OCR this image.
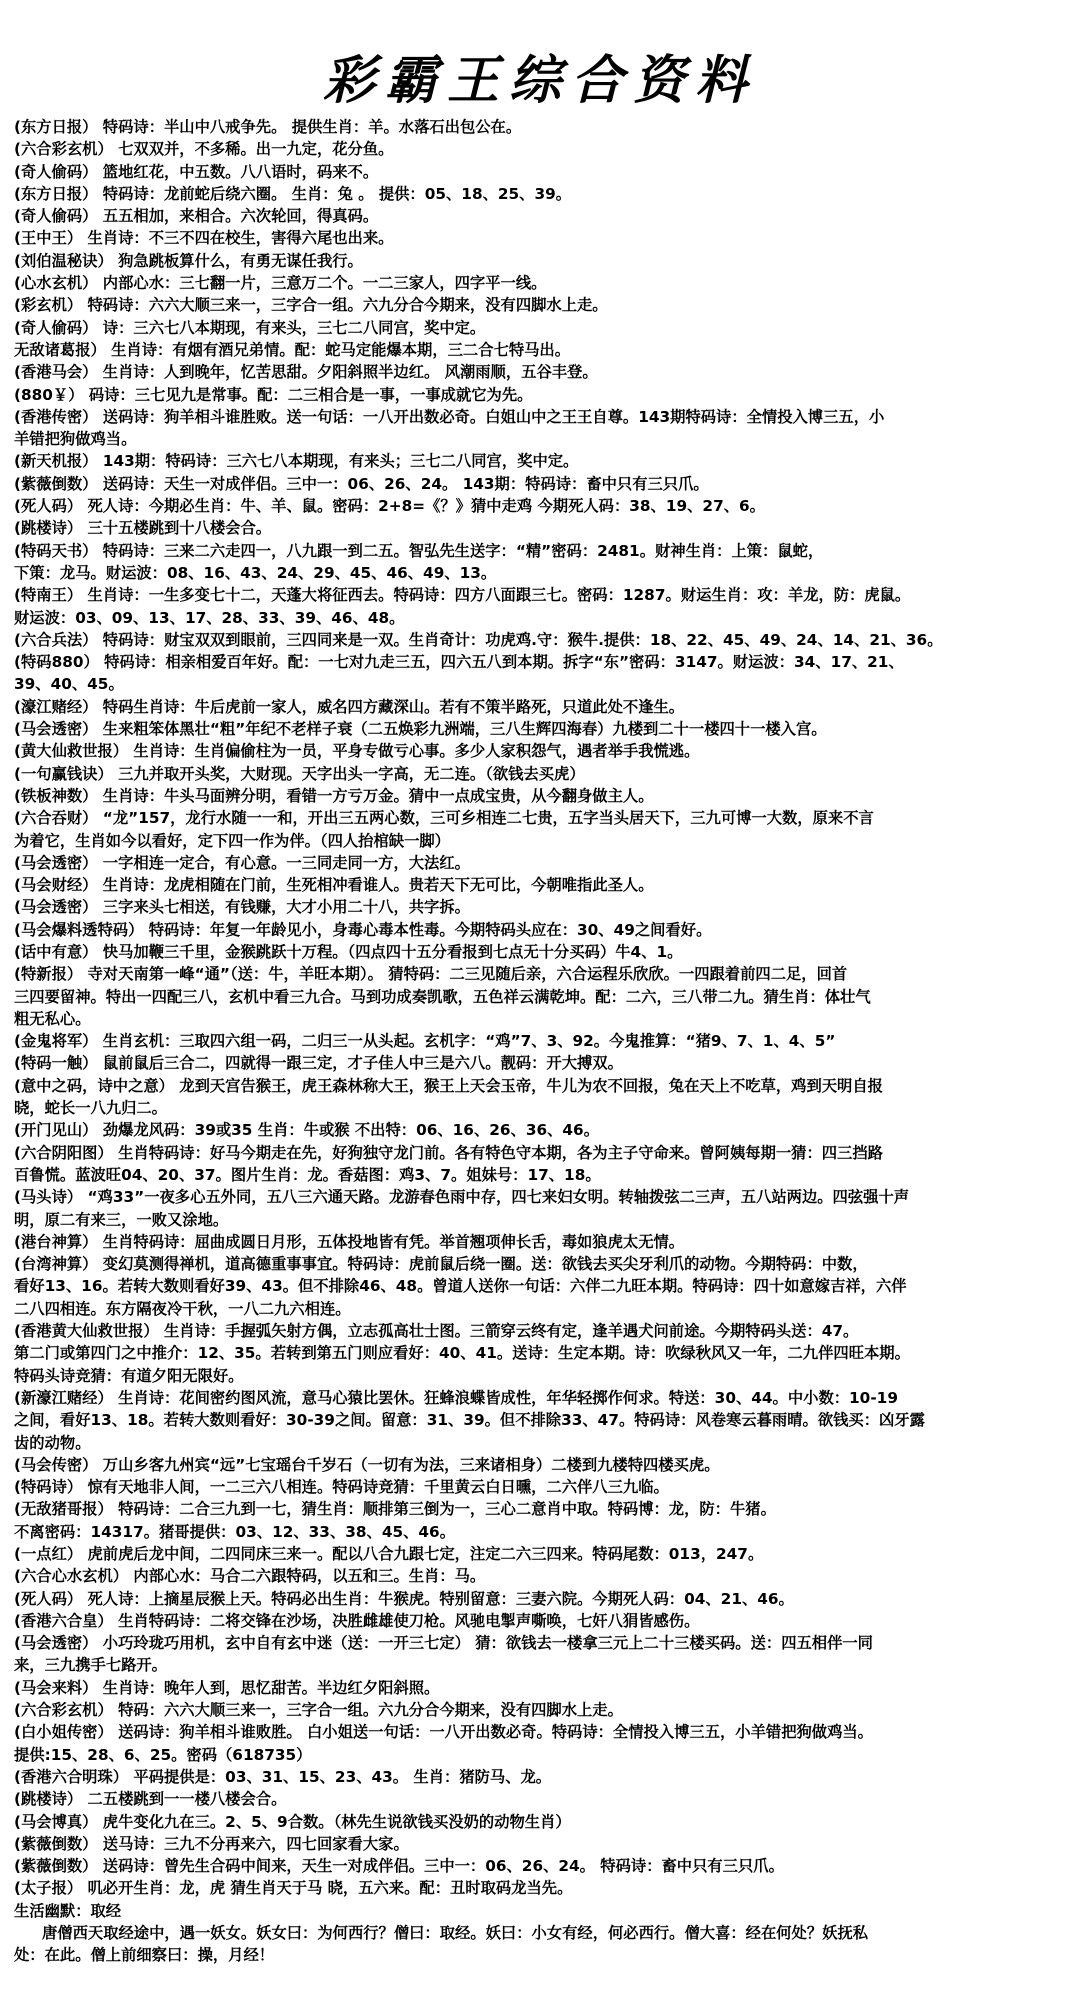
彩霸王综合资料
(东方日报） 特码诗：半山中八戒争先。 提供生肖：羊。水落石出包公在。
(六合彩玄机） 七双双并，不多稀。出一九定，花分鱼。
(奇人偷码） 篮地红花，中五数。八八语时，码来不。
(东方日报） 特码诗：龙前蛇后绕六圈。 生肖：兔 。 提供：05、18、25、39。
(奇人偷码） 五五相加，来相合。六次轮回，得真码。
(王中王） 生肖诗：不三不四在校生，害得六尾也出来。
(刘伯温秘诀） 狗急跳板算什么，有勇无谋任我行。
(心水玄机） 内部心水：三七翻一片，三意万二个。一二三家人，四字平一线。
(彩玄机） 特码诗：六六大顺三来一，三字合一组。六九分合今期来，没有四脚水上走。
(奇人偷码） 诗：三六七八本期现，有来头，三七二八同宫，奖中定。
无敌诸葛报） 生肖诗：有烟有酒兄弟情。配：蛇马定能爆本期，三二合七特马出。
(香港马会） 生肖诗：人到晚年，忆苦思甜。夕阳斜照半边红。 风潮雨顺，五谷丰登。
(880￥） 码诗：三七见九是常事。配：二三相合是一事，一事成就它为先。
(香港传密） 送码诗：狗羊相斗谁胜败。送一句话：一八开出数必奇。白姐山中之王王自尊。143期特码诗：全情投入博三五，小
羊错把狗做鸡当。
(新天机报） 143期：特码诗：三六七八本期现，有来头；三七二八同宫，奖中定。
(紫薇倒数） 送码诗：天生一对成伴侣。三中一：06、26、24。 143期：特码诗：畜中只有三只爪。
(死人码） 死人诗：今期必生肖：牛、羊、鼠。密码：2+8=《？》猜中走鸡 今期死人码：38、19、27、6。
(跳楼诗） 三十五楼跳到十八楼会合。
(特码天书） 特码诗：三来二六走四一，八九跟一到二五。智弘先生送字：“精”密码：2481。财神生肖：上策：鼠蛇，
下策：龙马。财运波：08、16、43、24、29、45、46、49、13。
(特南王） 生肖诗：一生多变七十二，天蓬大将征西去。特码诗：四方八面跟三七。密码：1287。财运生肖：攻：羊龙，防：虎鼠。
财运波：03、09、13、17、28、33、39、46、48。
(六合兵法） 特码诗：财宝双双到眼前，三四同来是一双。生肖奇计：功虎鸡.守：猴牛.提供：18、22、45、49、24、14、21、36。
(特码880） 特码诗：相亲相爱百年好。配：一七对九走三五，四六五八到本期。拆字“东”密码：3147。财运波：34、17、21、
39、40、45。
(濠江赌经） 特码生肖诗：牛后虎前一家人，威名四方藏深山。若有不策半路死，只道此处不逢生。
(马会透密） 生来粗笨体黑壮“粗”年纪不老样子衰（二五焕彩九洲端，三八生辉四海春）九楼到二十一楼四十一楼入宫。
(黄大仙救世报） 生肖诗：生肖偏偷柱为一员，平身专做亏心事。多少人家积怨气，遇者举手我慌逃。
(一句赢钱诀） 三九并取开头奖，大财现。天字出头一字高，无二连。（欲钱去买虎）
(铁板神数） 生肖诗：牛头马面辨分明，看错一方亏万金。猜中一点成宝贵，从今翻身做主人。
(六合吞财） “龙”157，龙行水随一一和，开出三五两心数，三可乡相连二七贵，五字当头居天下，三九可博一大数，原来不言
为着它，生肖如今以看好，定下四一作为伴。（四人抬棺缺一脚）
(马会透密） 一字相连一定合，有心意。一三同走同一方，大法红。
(马会财经） 生肖诗：龙虎相随在门前，生死相冲看谁人。贵若天下无可比，今朝唯指此圣人。
(马会透密） 三字来头七相送，有钱赚，大才小用二十八，共字拆。
(马会爆料透特码） 特码诗：年复一年龄见小，身毒心毒本性毒。今期特码头应在：30、49之间看好。
(话中有意） 快马加鞭三千里，金猴跳跃十万程。（四点四十五分看报到七点无十分买码）牛4、1。
(特新报） 寺对天南第一峰“通”（送：牛，羊旺本期）。 猜特码：二三见随后亲，六合运程乐欣欣。一四跟着前四二足，回首
三四要留神。特出一四配三八，玄机中看三九合。马到功成奏凯歌，五色祥云满乾坤。配：二六，三八带二九。猜生肖：体壮气
粗无私心。
(金鬼将军） 生肖玄机：三取四六组一码，二归三一从头起。玄机字：“鸡”7、3、92。今鬼推算：“猪9、7、1、4、5”
(特码一触） 鼠前鼠后三合二，四就得一跟三定，才子佳人中三是六八。靓码：开大搏双。
(意中之码，诗中之意） 龙到天宫告猴王，虎王森林称大王，猴王上天会玉帝，牛儿为农不回报，兔在天上不吃草，鸡到天明自报
晓，蛇长一八九归二。
(开门见山） 劲爆龙风码：39或35 生肖：牛或猴 不出特：06、16、26、36、46。
(六合阴阳图） 生肖特码诗：好马今期走在先，好狗独守龙门前。各有特色守本期，各为主子守命来。曾阿姨每期一猜：四三挡路
百鲁慌。蓝波旺04、20、37。图片生肖：龙。香菇图：鸡3、7。姐妹号：17、18。
(马头诗） “鸡33”一夜多心五外同，五八三六通天路。龙游春色雨中存，四七来妇女明。转轴拨弦二三声，五八站两边。四弦强十声
明，原二有来三，一败又涂地。
(港台神算） 生肖特码诗：屈曲成圆日月形，五体投地皆有凭。举首翘项伸长舌，毒如狼虎太无情。
(台湾神算） 变幻莫测得禅机，道高德重事事宜。特码诗：虎前鼠后绕一圈。送：欲钱去买尖牙利爪的动物。今期特码：中数，
看好13、16。若转大数则看好39、43。但不排除46、48。曾道人送你一句话：六伴二九旺本期。特码诗：四十如意嫁吉祥，六伴
二八四相连。东方隔夜冷干秋，一八二九六相连。
(香港黄大仙救世报） 生肖诗：手握弧矢射方偶，立志孤高壮士图。三箭穿云终有定，逢羊遇犬问前途。今期特码头送：47。
第二门或第四门之中推介：12、35。若转到第五门则应看好：40、41。送诗：生定本期。诗：吹绿秋风又一年，二九伴四旺本期。
特码头诗竞猜：有道夕阳无限好。
(新濠江赌经） 生肖诗：花间密约图风流，意马心猿比罢休。狂蜂浪蝶皆成性，年华轻掷作何求。特送：30、44。中小数：10-19
之间，看好13、18。若转大数则看好：30-39之间。留意：31、39。但不排除33、47。特码诗：风卷寒云暮雨晴。欲钱买：凶牙露
齿的动物。
(马会传密） 万山乡客九州宾“远”七宝瑶台千岁石（一切有为法，三来诸相身）二楼到九楼特四楼买虎。
(特码诗） 惊有天地非人间，一二三六八相连。特码诗竞猜：千里黄云白日曛，二六伴八三九临。
(无敌猪哥报） 特码诗：二合三九到一七，猜生肖：顺排第三倒为一，三心二意肖中取。特码博：龙，防：牛猪。
不离密码：14317。猪哥提供：03、12、33、38、45、46。
(一点红） 虎前虎后龙中间，二四同床三来一。配以八合九跟七定，注定二六三四来。特码尾数：013，247。
(六合心水玄机） 内部心水：马合二六跟特码，以五和三。生肖：马。
(死人码） 死人诗：上摘星辰猴上天。特码必出生肖：牛猴虎。特别留意：三妻六院。今期死人码：04、21、46。
(香港六合皇） 生肖特码诗：二将交锋在沙场，决胜雌雄使刀枪。风驰电掣声嘶唤，七奸八狷皆感伤。
(马会透密） 小巧玲珑巧用机，玄中自有玄中迷（送：一开三七定） 猜：欲钱去一楼拿三元上二十三楼买码。送：四五相伴一同
来，三九携手七路开。
(马会来料） 生肖诗：晚年人到，思忆甜苦。半边红夕阳斜照。
(六合彩玄机） 特码：六六大顺三来一，三字合一组。六九分合今期来，没有四脚水上走。
(白小姐传密） 送码诗：狗羊相斗谁败胜。 白小姐送一句话：一八开出数必奇。特码诗：全情投入博三五，小羊错把狗做鸡当。
提供:15、28、6、25。密码（618735）
(香港六合明珠） 平码提供是：03、31、15、23、43。 生肖：猪防马、龙。
(跳楼诗） 二五楼跳到一一楼八楼会合。
(马会博真） 虎牛变化九在三。2、5、9合数。（林先生说欲钱买没奶的动物生肖）
(紫薇倒数） 送马诗：三九不分再来六，四七回家看大家。
(紫薇倒数） 送码诗：曾先生合码中间来，天生一对成伴侣。三中一：06、26、24。 特码诗：畜中只有三只爪。
(太子报） 叽必开生肖：龙，虎 猜生肖天于马 晓，五六来。配：丑时取码龙当先。
生活幽默：取经
唐僧西天取经途中，遇一妖女。妖女曰：为何西行？僧曰：取经。妖曰：小女有经，何必西行。僧大喜：经在何处？妖抚私
处：在此。僧上前细察曰：操，月经！
